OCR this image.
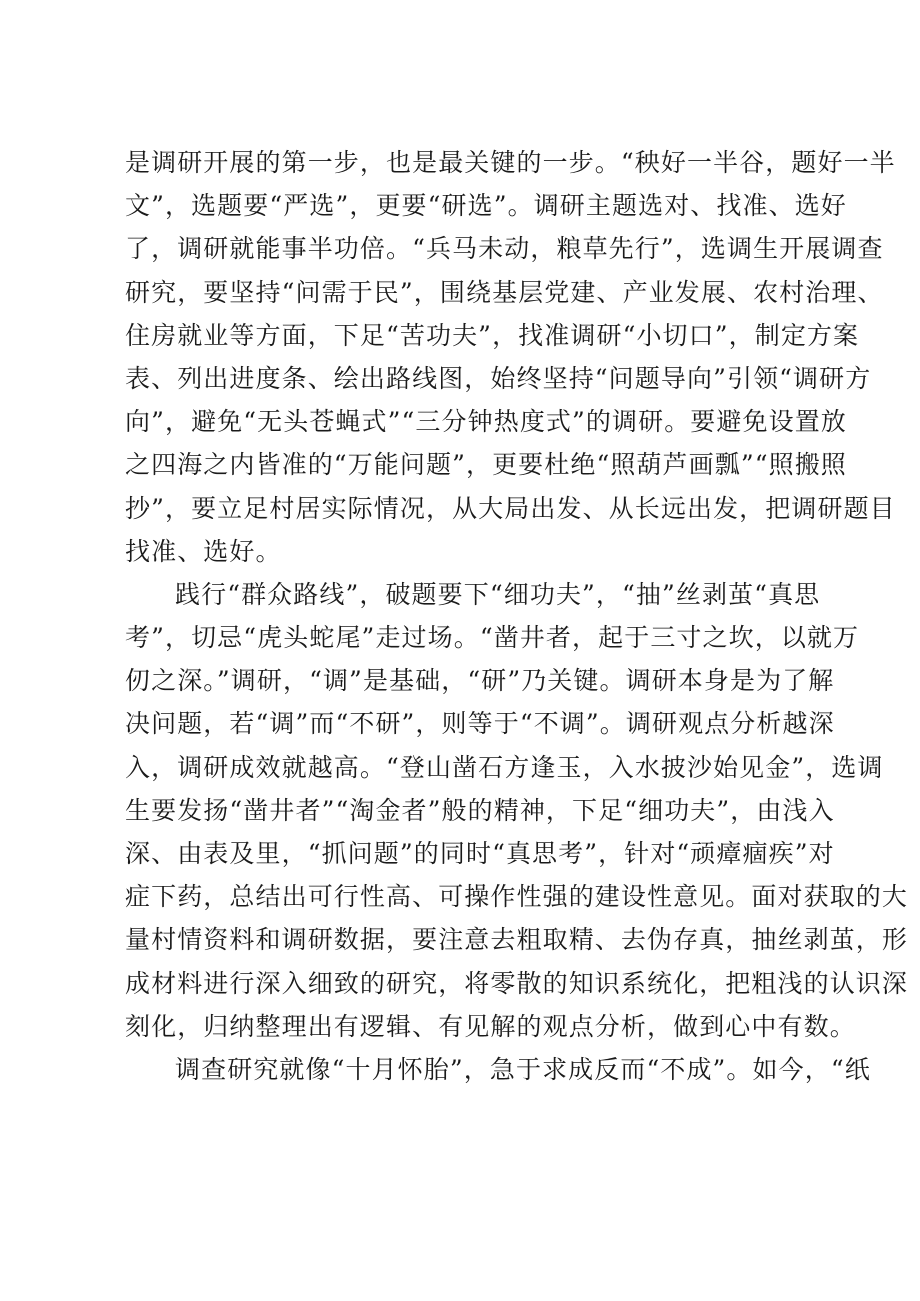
是调研开展的第一步，也是最关键的一步。“秧好一半谷，题好一半
文”，选题要“严选”，更要“研选”。调研主题选对、找准、选好
了，调研就能事半功倍。“兵马未动，粮草先行”，选调生开展调查
研究，要坚持“问需于民”，围绕基层党建、产业发展、农村治理、
住房就业等方面，下足“苦功夫”，找准调研“小切口”，制定方案
表、列出进度条、绘出路线图，始终坚持“问题导向”引领“调研方
向”，避免“无头苍蝇式”“三分钟热度式”的调研。要避免设置放
之四海之内皆准的“万能问题”，更要杜绝“照葫芦画瓢”“照搬照
抄”，要立足村居实际情况，从大局出发、从长远出发，把调研题目
找准、选好。
践行“群众路线”，破题要下“细功夫”，“抽”丝剥茧“真思
考”，切忌“虎头蛇尾”走过场。“凿井者，起于三寸之坎，以就万
仞之深。”调研，“调”是基础，“研”乃关键。调研本身是为了解
决问题，若“调”而“不研”，则等于“不调”。调研观点分析越深
入，调研成效就越高。“登山凿石方逢玉，入水披沙始见金”，选调
生要发扬“凿井者”“淘金者”般的精神，下足“细功夫”，由浅入
深、由表及里，“抓问题”的同时“真思考”，针对“顽瘴痼疾”对
症下药，总结出可行性高、可操作性强的建设性意见。面对获取的大
量村情资料和调研数据，要注意去粗取精、去伪存真，抽丝剥茧，形
成材料进行深入细致的研究，将零散的知识系统化，把粗浅的认识深
刻化，归纳整理出有逻辑、有见解的观点分析，做到心中有数。
调查研究就像“十月怀胎”，急于求成反而“不成”。如今，“纸
